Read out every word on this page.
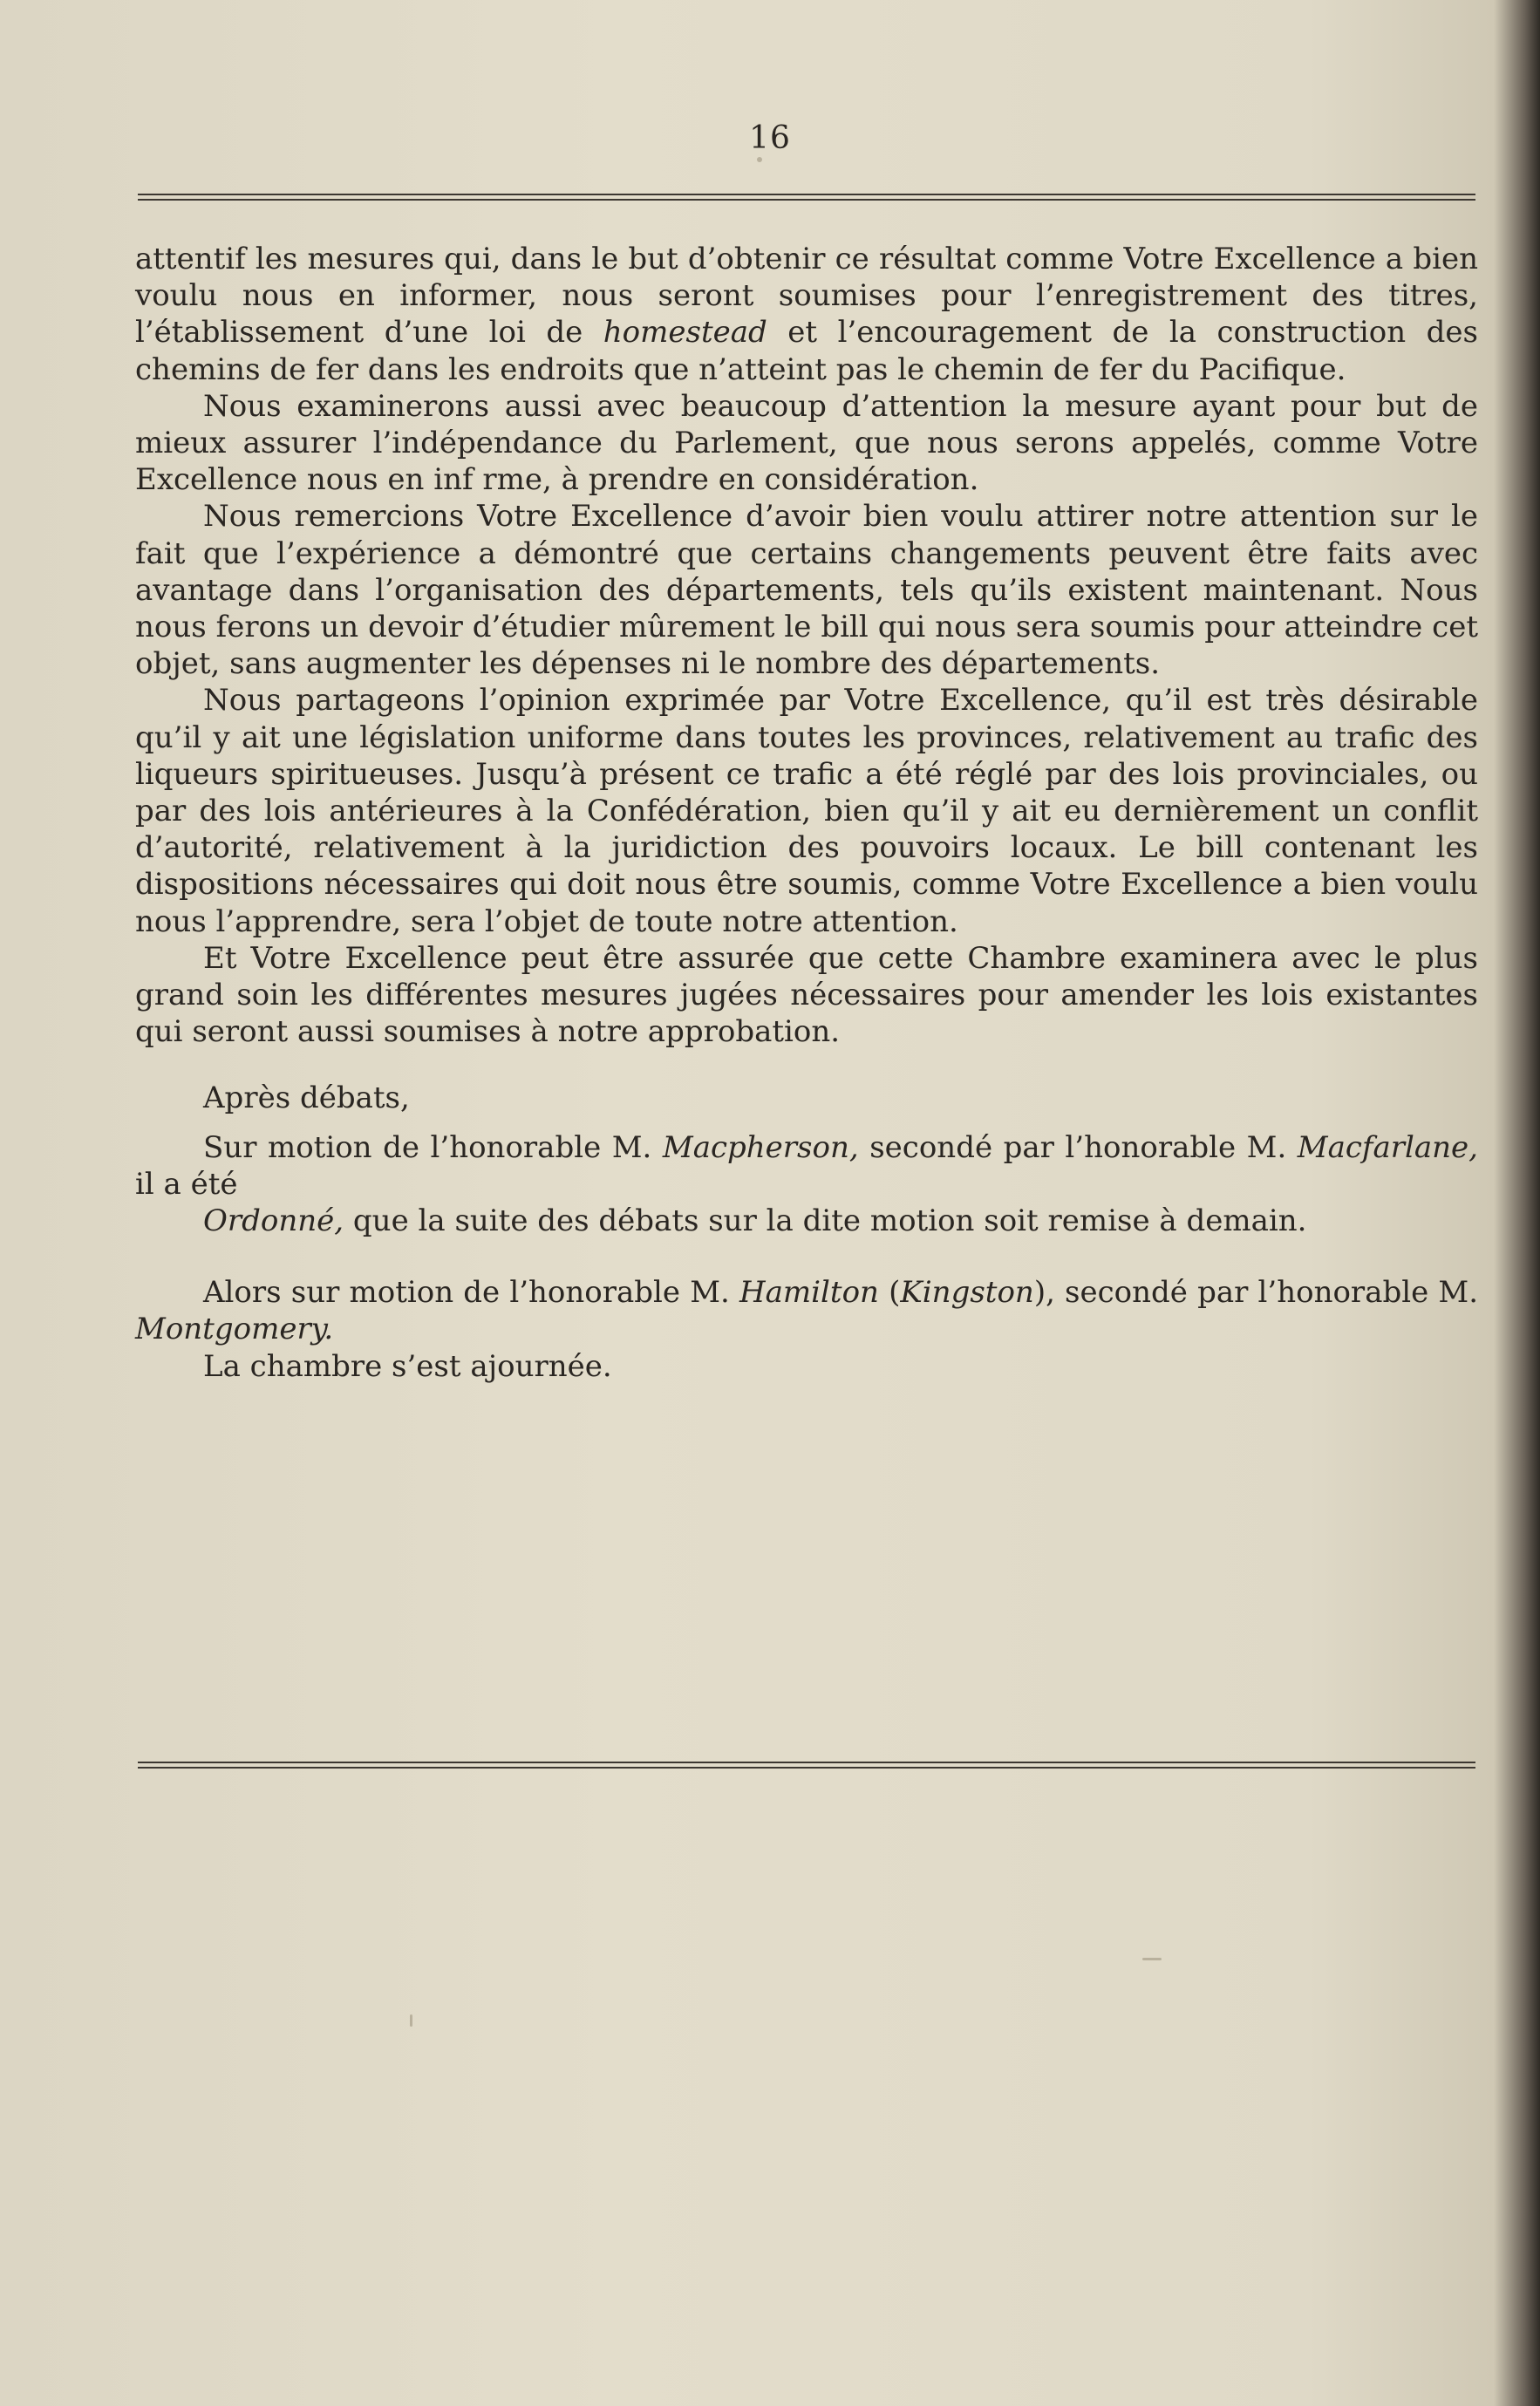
16

attentif les mesures qui, dans le but d’obtenir ce résultat comme Votre Excellence a bien voulu nous en informer, nous seront soumises pour l’enregistrement des titres, l’établissement d’une loi de homestead et l’encouragement de la construction des chemins de fer dans les endroits que n’atteint pas le chemin de fer du Pacifique.

Nous examinerons aussi avec beaucoup d’attention la mesure ayant pour but de mieux assurer l’indépendance du Parlement, que nous serons appelés, comme Votre Excellence nous en inf rme, à prendre en considération.

Nous remercions Votre Excellence d’avoir bien voulu attirer notre attention sur le fait que l’expérience a démontré que certains changements peuvent être faits avec avantage dans l’organisation des départements, tels qu’ils existent maintenant. Nous nous ferons un devoir d’étudier mûrement le bill qui nous sera soumis pour atteindre cet objet, sans augmenter les dépenses ni le nombre des départements.

Nous partageons l’opinion exprimée par Votre Excellence, qu’il est très désirable qu’il y ait une législation uniforme dans toutes les provinces, relativement au trafic des liqueurs spiritueuses. Jusqu’à présent ce trafic a été réglé par des lois provinciales, ou par des lois antérieures à la Confédération, bien qu’il y ait eu dernièrement un conflit d’autorité, relativement à la juridiction des pouvoirs locaux. Le bill contenant les dispositions nécessaires qui doit nous être soumis, comme Votre Excellence a bien voulu nous l’apprendre, sera l’objet de toute notre attention.

Et Votre Excellence peut être assurée que cette Chambre examinera avec le plus grand soin les différentes mesures jugées nécessaires pour amender les lois existantes qui seront aussi soumises à notre approbation.

Après débats,

Sur motion de l’honorable M. Macpherson, secondé par l’honorable M. Macfarlane, il a été

Ordonné, que la suite des débats sur la dite motion soit remise à demain.

Alors sur motion de l’honorable M. Hamilton (Kingston), secondé par l’honorable M. Montgomery.

La chambre s’est ajournée.
